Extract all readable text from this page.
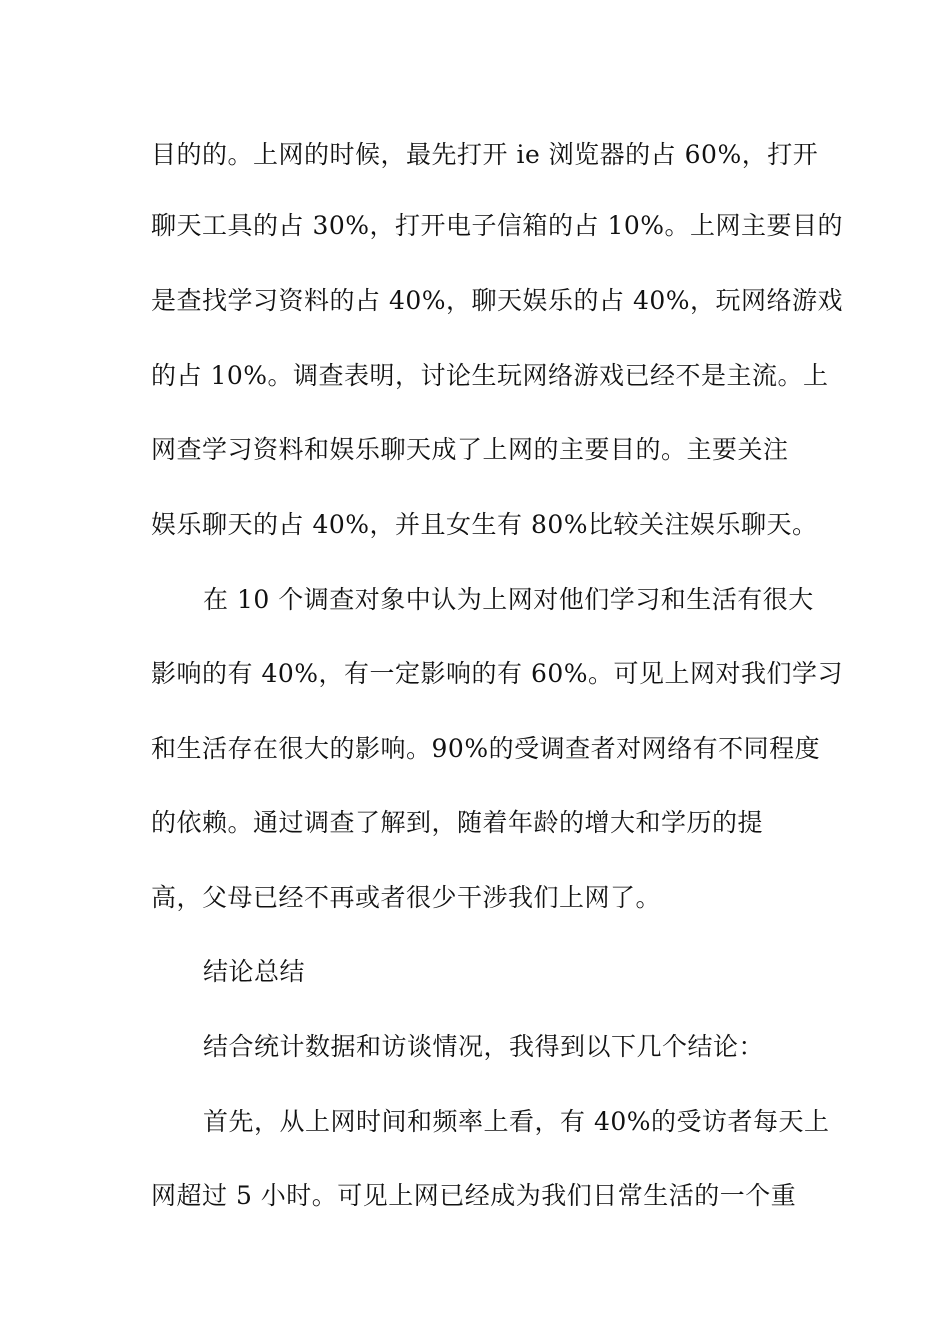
目的的。上网的时候，最先打开 ie 浏览器的占 60%，打开
聊天工具的占 30%，打开电子信箱的占 10%。上网主要目的
是查找学习资料的占 40%，聊天娱乐的占 40%，玩网络游戏
的占 10%。调查表明，讨论生玩网络游戏已经不是主流。上
网查学习资料和娱乐聊天成了上网的主要目的。主要关注
娱乐聊天的占 40%，并且女生有 80%比较关注娱乐聊天。
在 10 个调查对象中认为上网对他们学习和生活有很大
影响的有 40%，有一定影响的有 60%。可见上网对我们学习
和生活存在很大的影响。90%的受调查者对网络有不同程度
的依赖。通过调查了解到，随着年龄的增大和学历的提
高，父母已经不再或者很少干涉我们上网了。
结论总结
结合统计数据和访谈情况，我得到以下几个结论：
首先，从上网时间和频率上看，有 40%的受访者每天上
网超过 5 小时。可见上网已经成为我们日常生活的一个重
